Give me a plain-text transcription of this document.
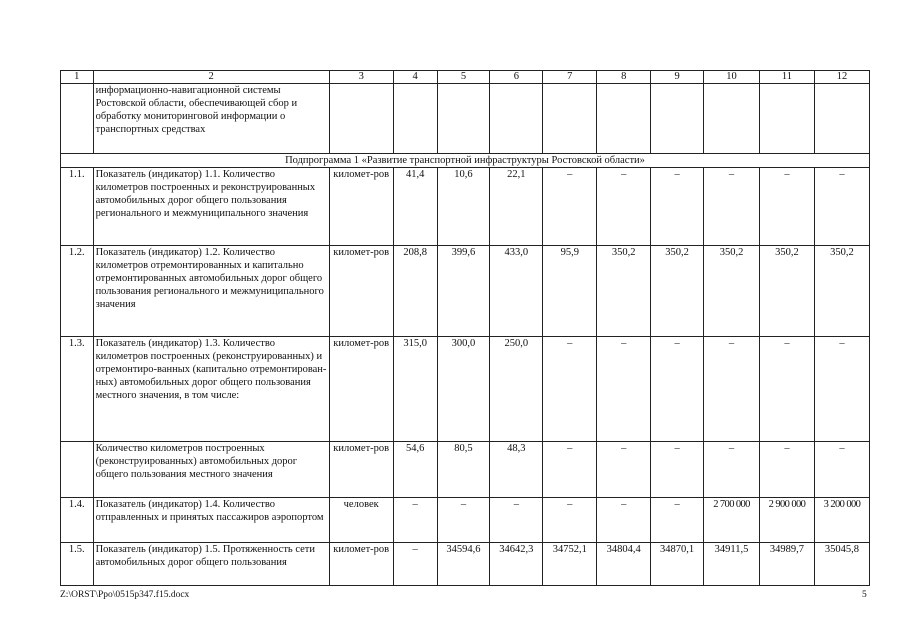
1	2	3	4	5	6	7	8	9	10	11	12
	информационно-навигационной системы Ростовской области, обеспечивающей сбор и обработку мониторинговой информации о транспортных средствах										
Подпрограмма 1 «Развитие транспортной инфраструктуры Ростовской области»											
1.1.	Показатель (индикатор) 1.1. Количество километров построенных и реконструированных автомобильных дорог общего пользования регионального и межмуниципального значения	километ-ров	41,4	10,6	22,1	–	–	–	–	–	–
1.2.	Показатель (индикатор) 1.2. Количество километров отремонтированных и капитально отремонтированных автомобильных дорог общего пользования регионального и межмуниципального значения	километ-ров	208,8	399,6	433,0	95,9	350,2	350,2	350,2	350,2	350,2
1.3.	Показатель (индикатор) 1.3. Количество километров построенных (реконструированных) и отремонтиро-ванных (капитально отремонтирован-ных) автомобильных дорог общего пользования местного значения, в том числе:	километ-ров	315,0	300,0	250,0	–	–	–	–	–	–
	Количество километров построенных (реконструированных) автомобильных дорог общего пользования местного значения	километ-ров	54,6	80,5	48,3	–	–	–	–	–	–
1.4.	Показатель (индикатор) 1.4. Количество отправленных и принятых пассажиров аэропортом	человек	–	–	–	–	–	–	2 700 000	2 900 000	3 200 000
1.5.	Показатель (индикатор) 1.5. Протяженность сети автомобильных дорог общего пользования	километ-ров	–	34594,6	34642,3	34752,1	34804,4	34870,1	34911,5	34989,7	35045,8
Z:\ORST\Ppo\0515p347.f15.docx	5
